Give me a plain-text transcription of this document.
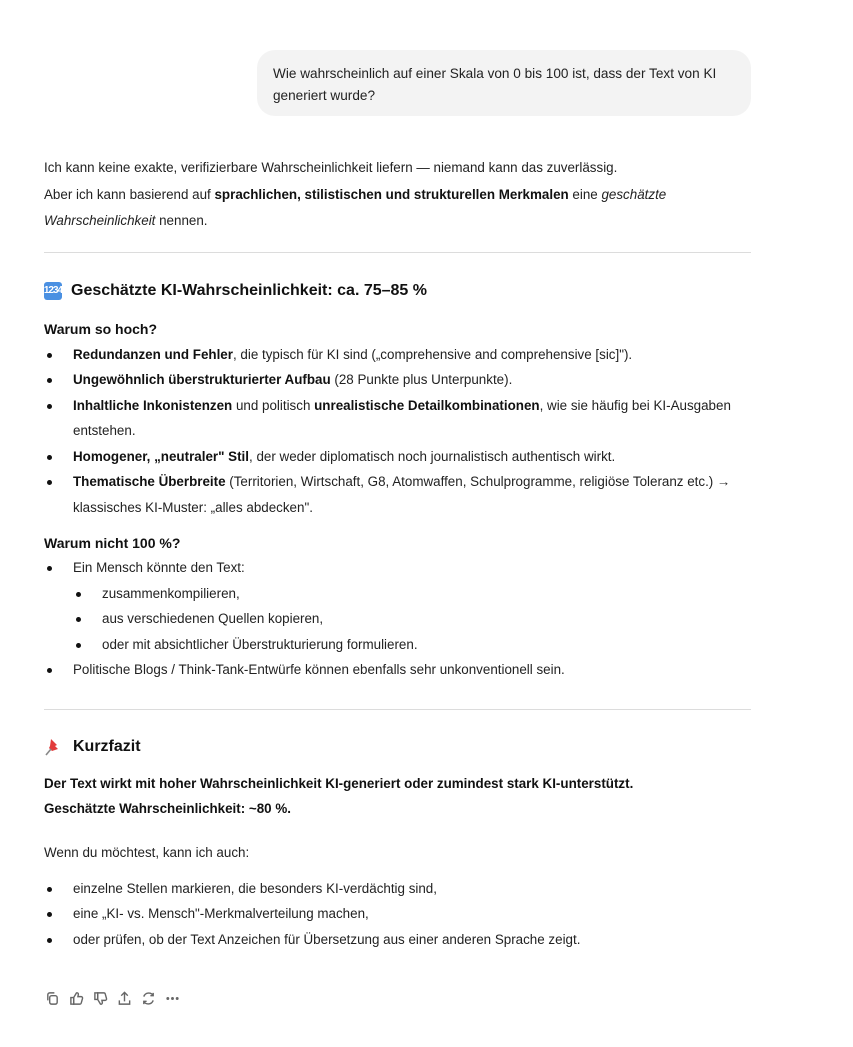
Wie wahrscheinlich auf einer Skala von 0 bis 100 ist, dass der Text von KI generiert wurde?

Ich kann keine exakte, verifizierbare Wahrscheinlichkeit liefern — niemand kann das zuverlässig.

Aber ich kann basierend auf sprachlichen, stilistischen und strukturellen Merkmalen eine geschätzte Wahrscheinlichkeit nennen.

1234 Geschätzte KI-Wahrscheinlichkeit: ca. 75–85 %
Warum so hoch?
Redundanzen und Fehler, die typisch für KI sind („comprehensive and comprehensive [sic]").
Ungewöhnlich überstrukturierter Aufbau (28 Punkte plus Unterpunkte).
Inhaltliche Inkonistenzen und politisch unrealistische Detailkombinationen, wie sie häufig bei KI-Ausgaben entstehen.
Homogener, „neutraler" Stil, der weder diplomatisch noch journalistisch authentisch wirkt.
Thematische Überbreite (Territorien, Wirtschaft, G8, Atomwaffen, Schulprogramme, religiöse Toleranz etc.) → klassisches KI-Muster: „alles abdecken".
Warum nicht 100 %?
Ein Mensch könnte den Text:
zusammenkompilieren,
aus verschiedenen Quellen kopieren,
oder mit absichtlicher Überstrukturierung formulieren.
Politische Blogs / Think-Tank-Entwürfe können ebenfalls sehr unkonventionell sein.
Kurzfazit
Der Text wirkt mit hoher Wahrscheinlichkeit KI-generiert oder zumindest stark KI-unterstützt.
Geschätzte Wahrscheinlichkeit: ~80 %.

Wenn du möchtest, kann ich auch:

einzelne Stellen markieren, die besonders KI-verdächtig sind,
eine „KI- vs. Mensch"-Merkmalverteilung machen,
oder prüfen, ob der Text Anzeichen für Übersetzung aus einer anderen Sprache zeigt.
